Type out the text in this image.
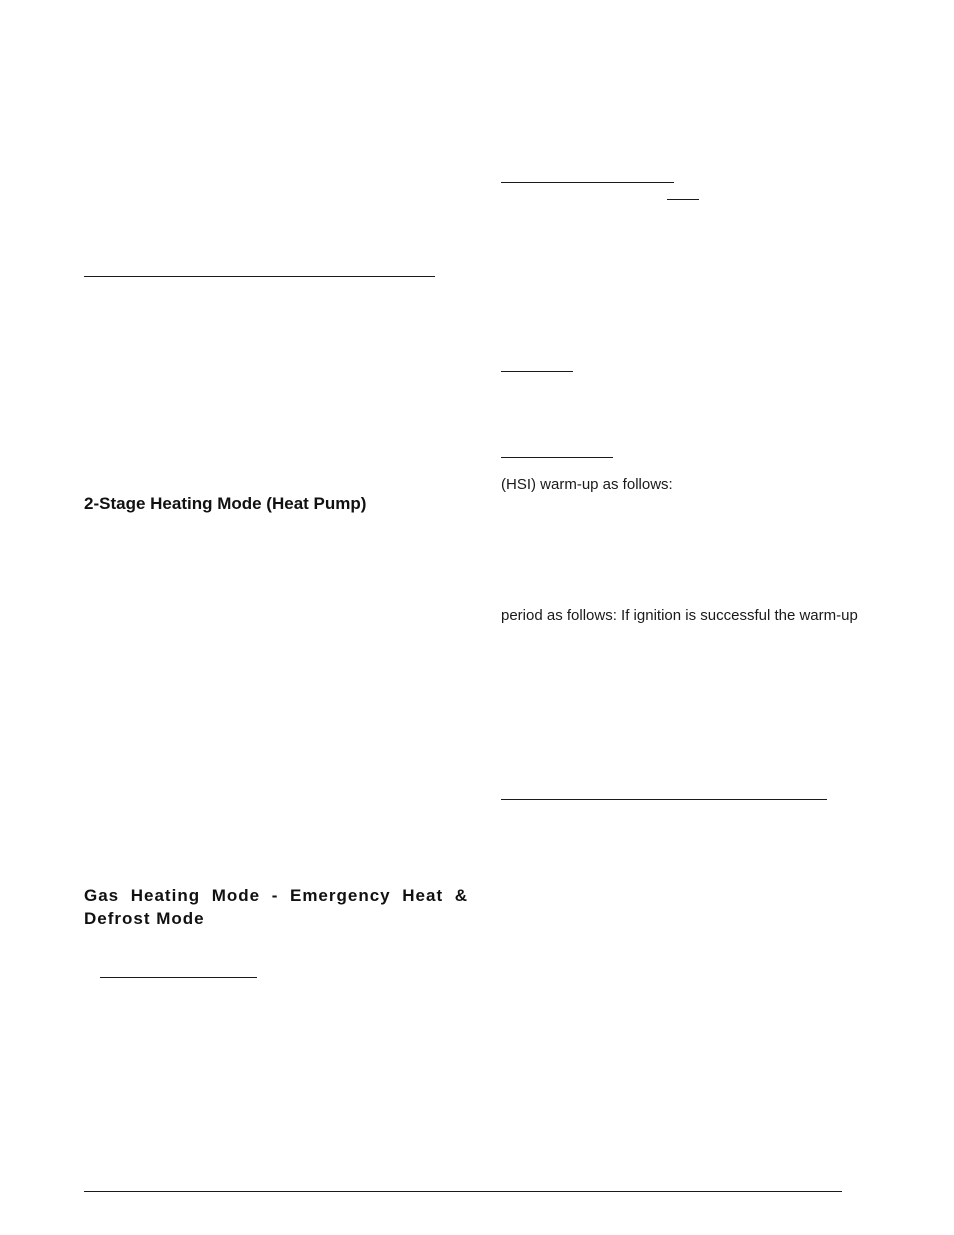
2-Stage Heating Mode (Heat Pump)
Gas Heating Mode - Emergency Heat & Defrost Mode

(HSI) warm-up as follows:

period as follows: If ignition is successful the warm-up
